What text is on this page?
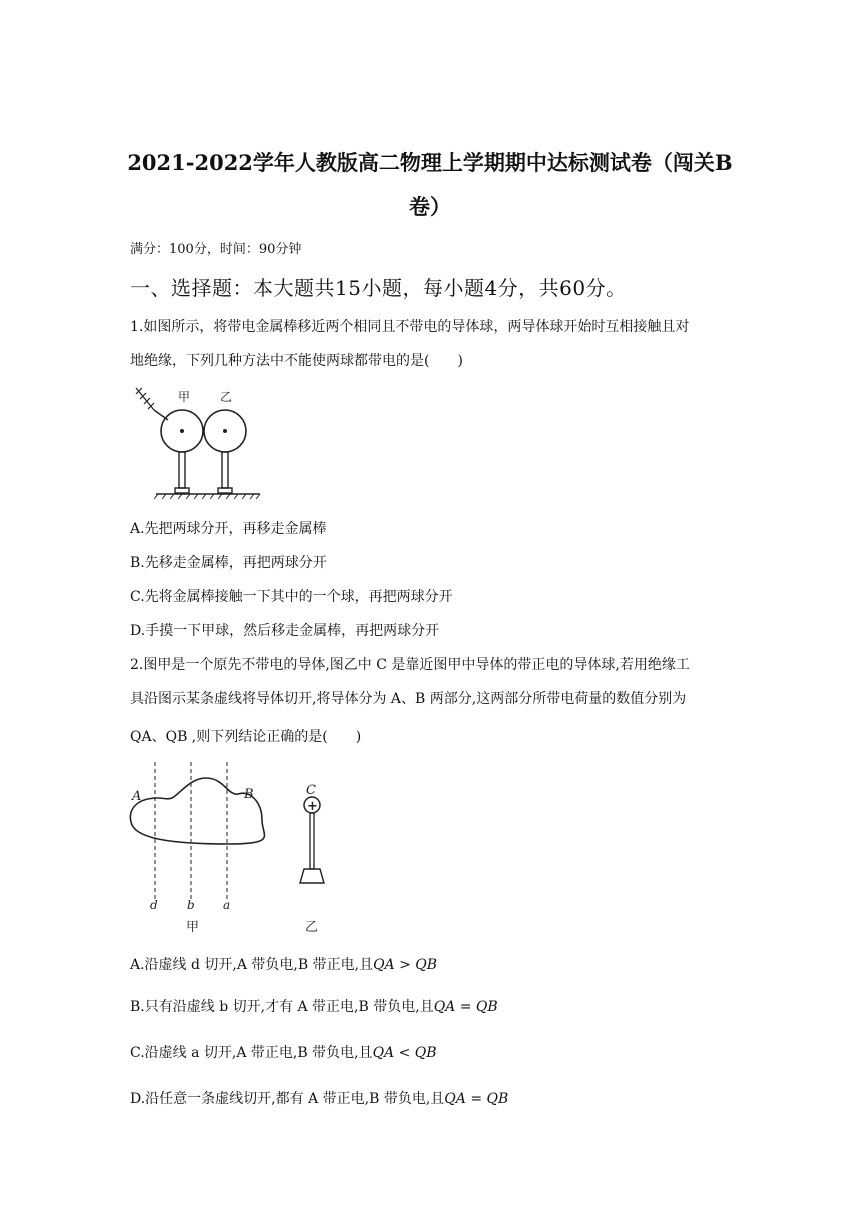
2021-2022学年人教版高二物理上学期期中达标测试卷（闯关B
卷）
满分：100分，时间：90分钟
一、选择题：本大题共15小题，每小题4分，共60分。
1.如图所示，将带电金属棒移近两个相同且不带电的导体球，两导体球开始时互相接触且对
地绝缘，下列几种方法中不能使两球都带电的是(　　)
甲 乙
A.先把两球分开，再移走金属棒
B.先移走金属棒，再把两球分开
C.先将金属棒接触一下其中的一个球，再把两球分开
D.手摸一下甲球，然后移走金属棒，再把两球分开
2.图甲是一个原先不带电的导体,图乙中 C 是靠近图甲中导体的带正电的导体球,若用绝缘工
具沿图示某条虚线将导体切开,将导体分为 A、B 两部分,这两部分所带电荷量的数值分别为
QA、QB ,则下列结论正确的是(　　)
A	B
d b a
甲
C
+
乙
A.沿虚线 d 切开,A 带负电,B 带正电,且QA > QB
B.只有沿虚线 b 切开,才有 A 带正电,B 带负电,且QA = QB
C.沿虚线 a 切开,A 带正电,B 带负电,且QA < QB
D.沿任意一条虚线切开,都有 A 带正电,B 带负电,且QA = QB
